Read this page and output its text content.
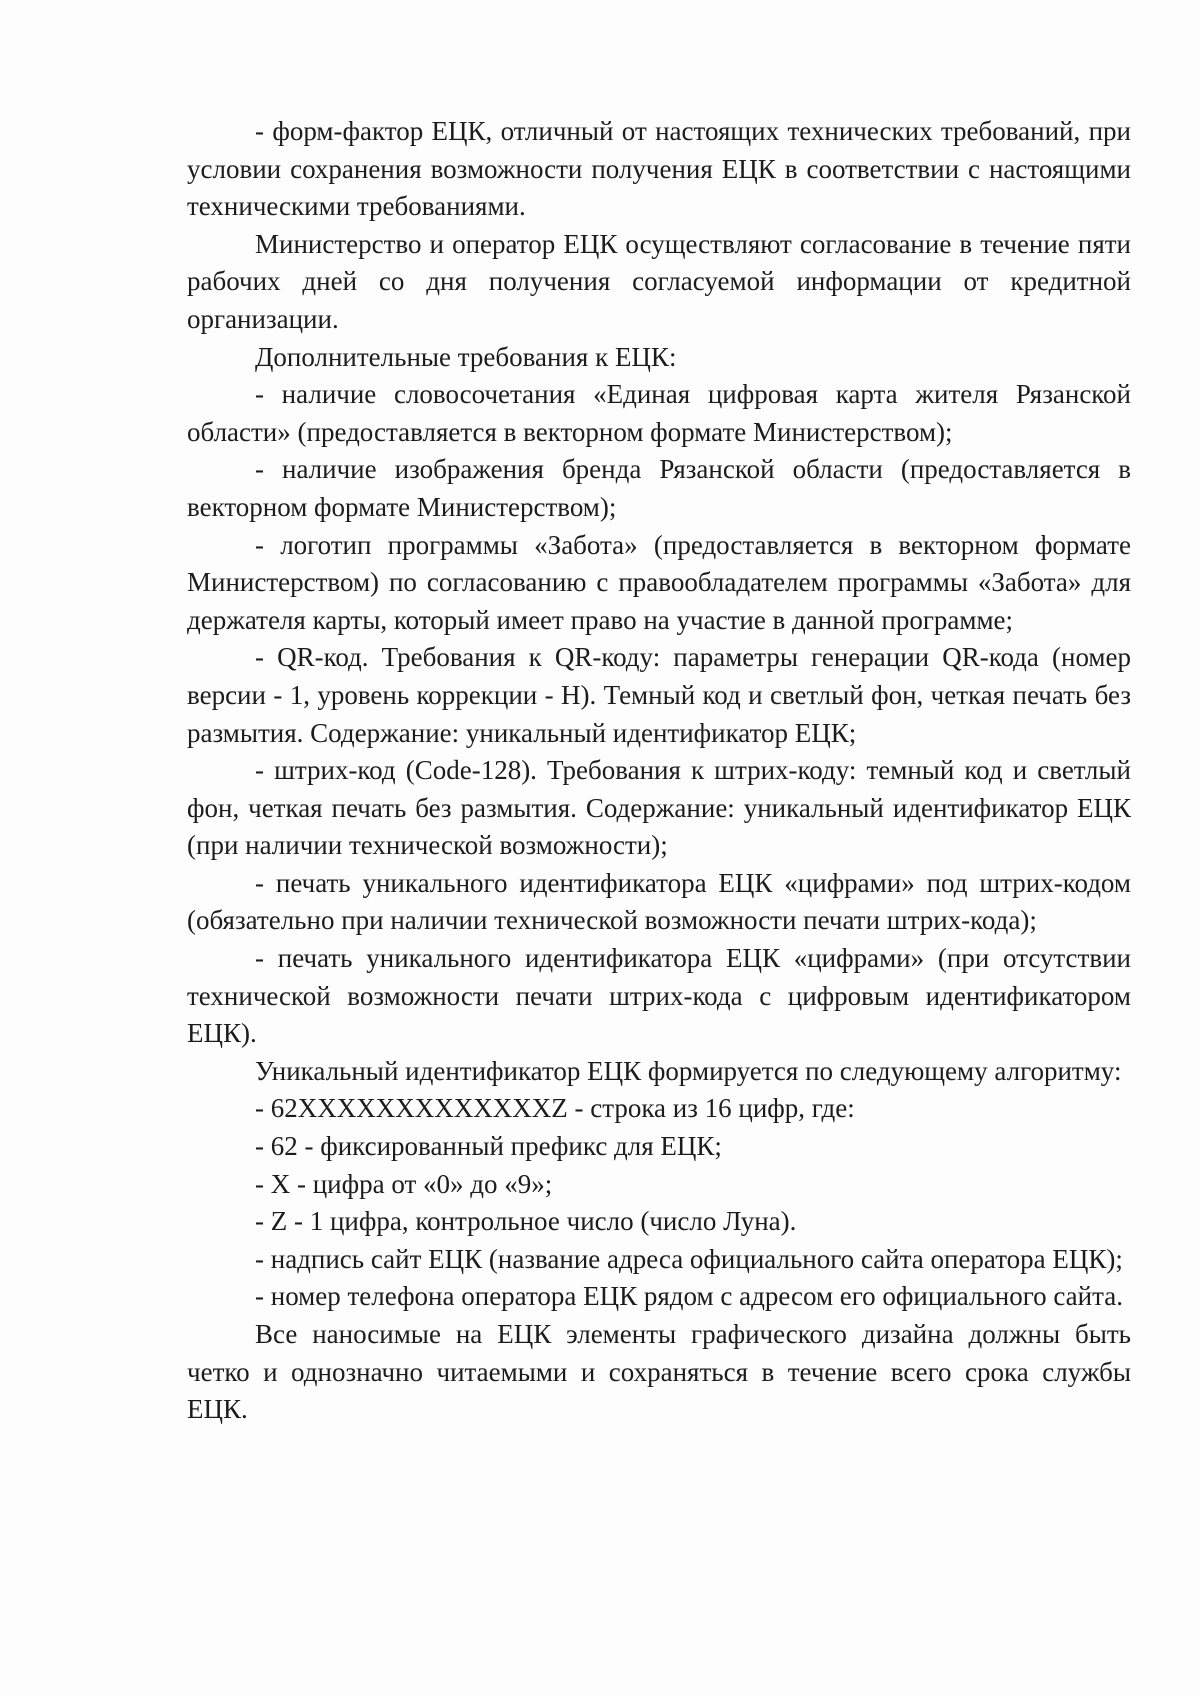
- форм-фактор ЕЦК, отличный от настоящих технических требований, при условии сохранения возможности получения ЕЦК в соответствии с настоящими техническими требованиями.

Министерство и оператор ЕЦК осуществляют согласование в течение пяти рабочих дней со дня получения согласуемой информации от кредитной организации.

Дополнительные требования к ЕЦК:

- наличие словосочетания «Единая цифровая карта жителя Рязанской области» (предоставляется в векторном формате Министерством);

- наличие изображения бренда Рязанской области (предоставляется в векторном формате Министерством);

- логотип программы «Забота» (предоставляется в векторном формате Министерством) по согласованию с правообладателем программы «Забота» для держателя карты, который имеет право на участие в данной программе;

- QR-код. Требования к QR-коду: параметры генерации QR-кода (номер версии - 1, уровень коррекции - H). Темный код и светлый фон, четкая печать без размытия. Содержание: уникальный идентификатор ЕЦК;

- штрих-код (Code-128). Требования к штрих-коду: темный код и светлый фон, четкая печать без размытия. Содержание: уникальный идентификатор ЕЦК (при наличии технической возможности);

- печать уникального идентификатора ЕЦК «цифрами» под штрих-кодом (обязательно при наличии технической возможности печати штрих-кода);

- печать уникального идентификатора ЕЦК «цифрами» (при отсутствии технической возможности печати штрих-кода с цифровым идентификатором ЕЦК).

Уникальный идентификатор ЕЦК формируется по следующему алгоритму:

- 62XXXXXXXXXXXXXZ - строка из 16 цифр, где:

- 62 - фиксированный префикс для ЕЦК;

- X - цифра от «0» до «9»;

- Z - 1 цифра, контрольное число (число Луна).

- надпись сайт ЕЦК (название адреса официального сайта оператора ЕЦК);

- номер телефона оператора ЕЦК рядом с адресом его официального сайта.

Все наносимые на ЕЦК элементы графического дизайна должны быть четко и однозначно читаемыми и сохраняться в течение всего срока службы ЕЦК.
